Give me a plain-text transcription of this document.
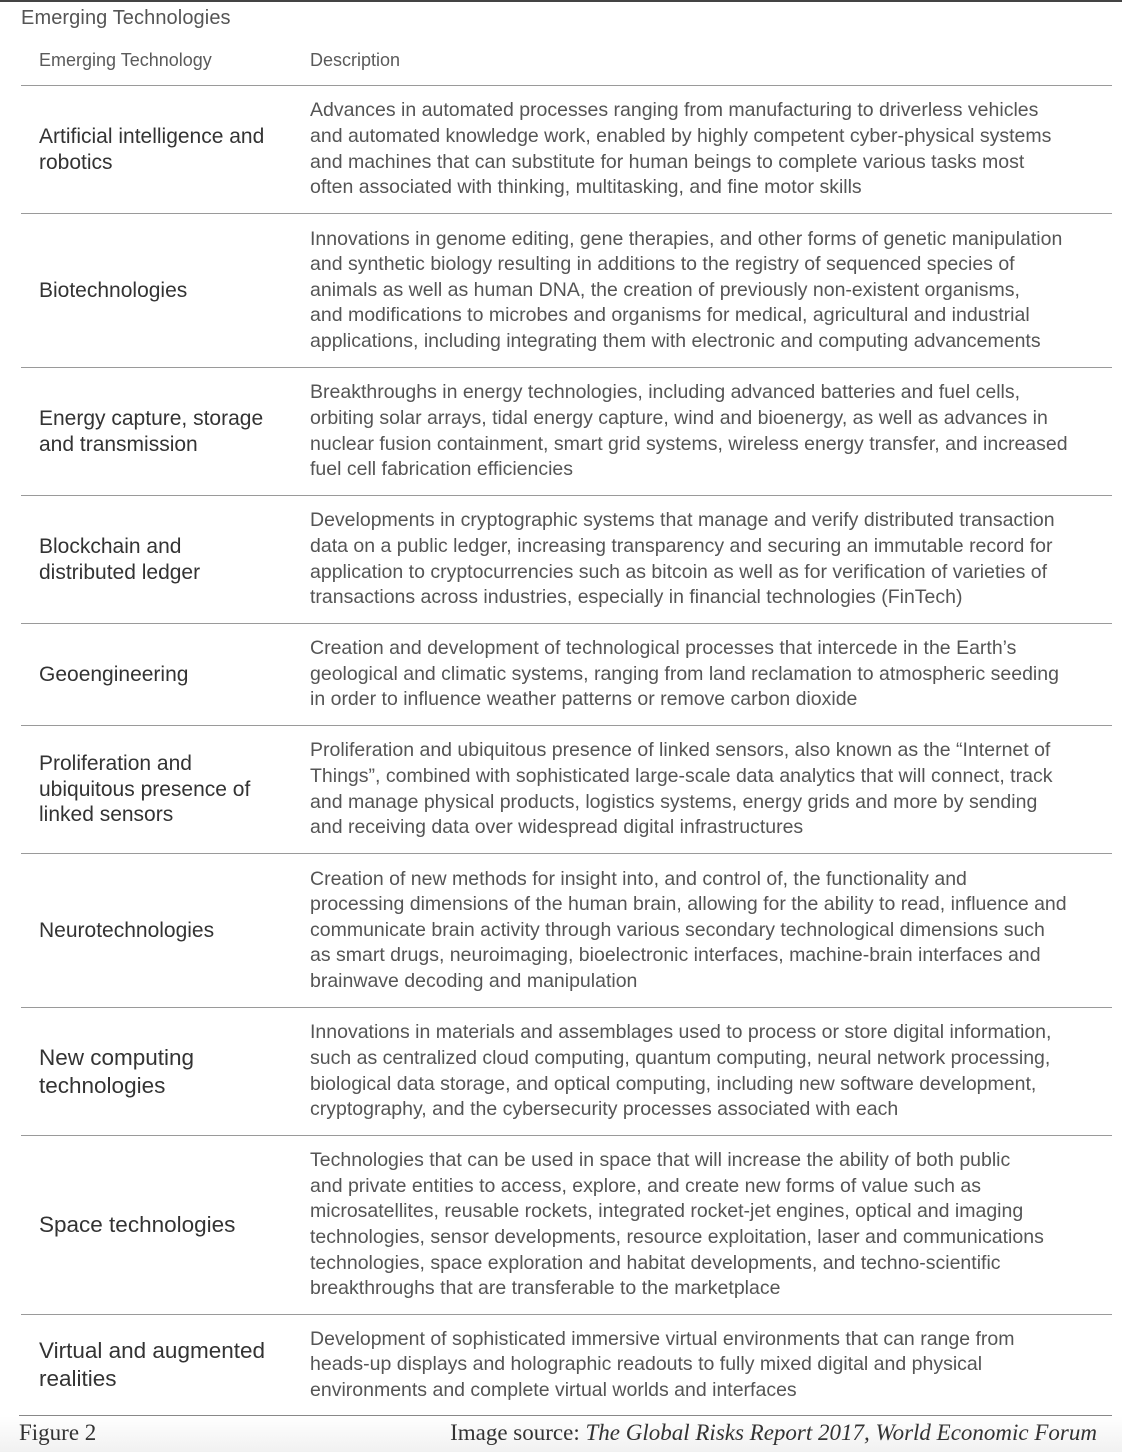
Emerging Technologies
Emerging Technology	Description
Artificial intelligence and
robotics
Advances in automated processes ranging from manufacturing to driverless vehicles
and automated knowledge work, enabled by highly competent cyber-physical systems
and machines that can substitute for human beings to complete various tasks most
often associated with thinking, multitasking, and fine motor skills
Biotechnologies
Innovations in genome editing, gene therapies, and other forms of genetic manipulation
and synthetic biology resulting in additions to the registry of sequenced species of
animals as well as human DNA, the creation of previously non-existent organisms,
and modifications to microbes and organisms for medical, agricultural and industrial
applications, including integrating them with electronic and computing advancements
Energy capture, storage
and transmission
Breakthroughs in energy technologies, including advanced batteries and fuel cells,
orbiting solar arrays, tidal energy capture, wind and bioenergy, as well as advances in
nuclear fusion containment, smart grid systems, wireless energy transfer, and increased
fuel cell fabrication efficiencies
Blockchain and
distributed ledger
Developments in cryptographic systems that manage and verify distributed transaction
data on a public ledger, increasing transparency and securing an immutable record for
application to cryptocurrencies such as bitcoin as well as for verification of varieties of
transactions across industries, especially in financial technologies (FinTech)
Geoengineering
Creation and development of technological processes that intercede in the Earth’s
geological and climatic systems, ranging from land reclamation to atmospheric seeding
in order to influence weather patterns or remove carbon dioxide
Proliferation and
ubiquitous presence of
linked sensors
Proliferation and ubiquitous presence of linked sensors, also known as the “Internet of
Things”, combined with sophisticated large-scale data analytics that will connect, track
and manage physical products, logistics systems, energy grids and more by sending
and receiving data over widespread digital infrastructures
Neurotechnologies
Creation of new methods for insight into, and control of, the functionality and
processing dimensions of the human brain, allowing for the ability to read, influence and
communicate brain activity through various secondary technological dimensions such
as smart drugs, neuroimaging, bioelectronic interfaces, machine-brain interfaces and
brainwave decoding and manipulation
New computing
technologies
Innovations in materials and assemblages used to process or store digital information,
such as centralized cloud computing, quantum computing, neural network processing,
biological data storage, and optical computing, including new software development,
cryptography, and the cybersecurity processes associated with each
Space technologies
Technologies that can be used in space that will increase the ability of both public
and private entities to access, explore, and create new forms of value such as
microsatellites, reusable rockets, integrated rocket-jet engines, optical and imaging
technologies, sensor developments, resource exploitation, laser and communications
technologies, space exploration and habitat developments, and techno-scientific
breakthroughs that are transferable to the marketplace
Virtual and augmented
realities
Development of sophisticated immersive virtual environments that can range from
heads-up displays and holographic readouts to fully mixed digital and physical
environments and complete virtual worlds and interfaces
Figure 2	Image source: The Global Risks Report 2017, World Economic Forum
